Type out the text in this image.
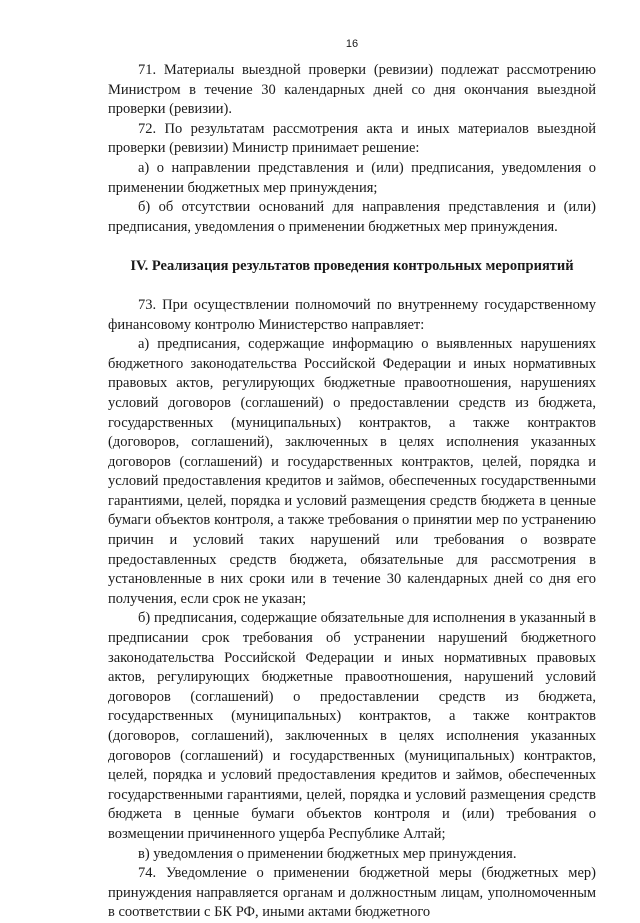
16

71. Материалы выездной проверки (ревизии) подлежат рассмотрению Министром в течение 30 календарных дней со дня окончания выездной проверки (ревизии).

72. По результатам рассмотрения акта и иных материалов выездной проверки (ревизии) Министр принимает решение:

а) о направлении представления и (или) предписания, уведомления о применении бюджетных мер принуждения;

б) об отсутствии оснований для направления представления и (или) предписания, уведомления о применении бюджетных мер принуждения.

IV. Реализация результатов проведения контрольных мероприятий

73. При осуществлении полномочий по внутреннему государственному финансовому контролю Министерство направляет:

а) предписания, содержащие информацию о выявленных нарушениях бюджетного законодательства Российской Федерации и иных нормативных правовых актов, регулирующих бюджетные правоотношения, нарушениях условий договоров (соглашений) о предоставлении средств из бюджета, государственных (муниципальных) контрактов, а также контрактов (договоров, соглашений), заключенных в целях исполнения указанных договоров (соглашений) и государственных контрактов, целей, порядка и условий предоставления кредитов и займов, обеспеченных государственными гарантиями, целей, порядка и условий размещения средств бюджета в ценные бумаги объектов контроля, а также требования о принятии мер по устранению причин и условий таких нарушений или требования о возврате предоставленных средств бюджета, обязательные для рассмотрения в установленные в них сроки или в течение 30 календарных дней со дня его получения, если срок не указан;

б) предписания, содержащие обязательные для исполнения в указанный в предписании срок требования об устранении нарушений бюджетного законодательства Российской Федерации и иных нормативных правовых актов, регулирующих бюджетные правоотношения, нарушений условий договоров (соглашений) о предоставлении средств из бюджета, государственных (муниципальных) контрактов, а также контрактов (договоров, соглашений), заключенных в целях исполнения указанных договоров (соглашений) и государственных (муниципальных) контрактов, целей, порядка и условий предоставления кредитов и займов, обеспеченных государственными гарантиями, целей, порядка и условий размещения средств бюджета в ценные бумаги объектов контроля и (или) требования о возмещении причиненного ущерба Республике Алтай;

в) уведомления о применении бюджетных мер принуждения.

74. Уведомление о применении бюджетной меры (бюджетных мер) принуждения направляется органам и должностным лицам, уполномоченным в соответствии с БК РФ, иными актами бюджетного
